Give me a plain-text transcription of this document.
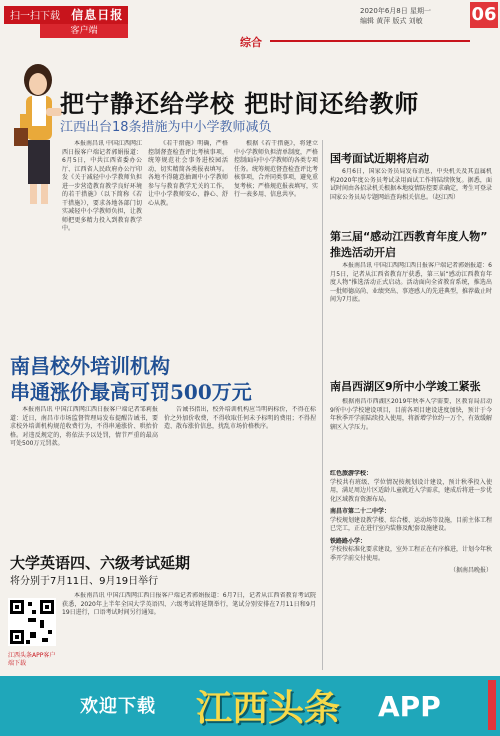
扫一扫下载 信息日报
客户端
2020年6月8日 星期一
编辑 黄萍 版式 刘敏	06
综合
把宁静还给学校 把时间还给教师
江西出台18条措施为中小学教师减负

本报南昌讯 中国江西网江西日报客户端记者郭娟报道：6月5日，中共江西省委办公厅、江西省人民政府办公厅印发《关于减轻中小学教师负担进一步营造教育教学良好环境的若干措施》（以下简称《若干措施》），要求各地各部门切实减轻中小学教师负担，让教师把更多精力投入到教育教学中。

《若干措施》明确，严格控制督查检查评比考核事项，统筹规范社会事务进校园活动，切实精简各类报表填写。各地不得随意抽调中小学教师参与与教育教学无关的工作，让中小学教师安心、静心、舒心从教。

根据《若干措施》，将建立中小学教师负担清单制度，严格控制面向中小学教师的各类专项任务。统筹规范督查检查评比考核事项，合并同类事项，避免重复考核；严格规范报表填写，实行一表多用、信息共享。

国考面试近期将启动

6月6日，国家公务员局发布消息，中央机关及其直属机构2020年度公务员考试录用面试工作将陆续恢复。据悉，面试时间由各招录机关根据本地疫情防控要求确定，考生可登录国家公务员局专题网站查询相关信息。（赵江西）

第三届“感动江西教育年度人物”
推选活动开启

本报南昌讯 中国江西网江西日报客户端记者郭娟报道：6月5日，记者从江西省教育厅获悉，第三届“感动江西教育年度人物”推选活动正式启动。活动面向全省教育系统，推选出一批师德高尚、业绩突出、事迹感人的先进典型，推荐截止时间为7月底。

南昌校外培训机构
串通涨价最高可罚500万元

本报南昌讯 中国江西网江西日报客户端记者邹莉报道：近日，南昌市市场监督管理局发布提醒告诫书，要求校外培训机构规范收费行为，不得串通涨价、哄抬价格。对违反规定的，将依法予以处罚，情节严重的最高可处500万元罚款。

告诫书指出，校外培训机构应当明码标价，不得在标价之外加价收费，不得收取任何未予标明的费用；不得捏造、散布涨价信息，扰乱市场价格秩序。

大学英语四、六级考试延期
将分别于7月11日、9月19日举行

本报南昌讯 中国江西网江西日报客户端记者郭娟报道：6月7日，记者从江西省教育考试院获悉，2020年上半年全国大学英语四、六级考试将延期举行，笔试分别安排在7月11日和9月19日进行，口语考试时间另行通知。

江西头条APP客户端下载
南昌西湖区9所中小学竣工紧张

根据南昌市西湖区2019年秋季入学需要，区教育局启动9所中小学校建设项目，目前各项目建设进度加快，预计于今年秋季开学前陆续投入使用，将新增学位约一万个，有效缓解辖区入学压力。

红色旅游学校：
学校共有班级、学位情况按规划设计建设，预计秋季投入使用，满足周边片区适龄儿童就近入学需求，建成后将进一步优化区域教育资源布局。
南昌市第二十二中学：
学校规划建设教学楼、综合楼、运动场等设施，目前主体工程已完工，正在进行室内装修及配套设施建设。
铁路路小学：
学校按标准化要求建设，室外工程正在有序推进，计划今年秋季开学前交付使用。
（据南昌晚报）
欢迎下载 江西头条 APP
